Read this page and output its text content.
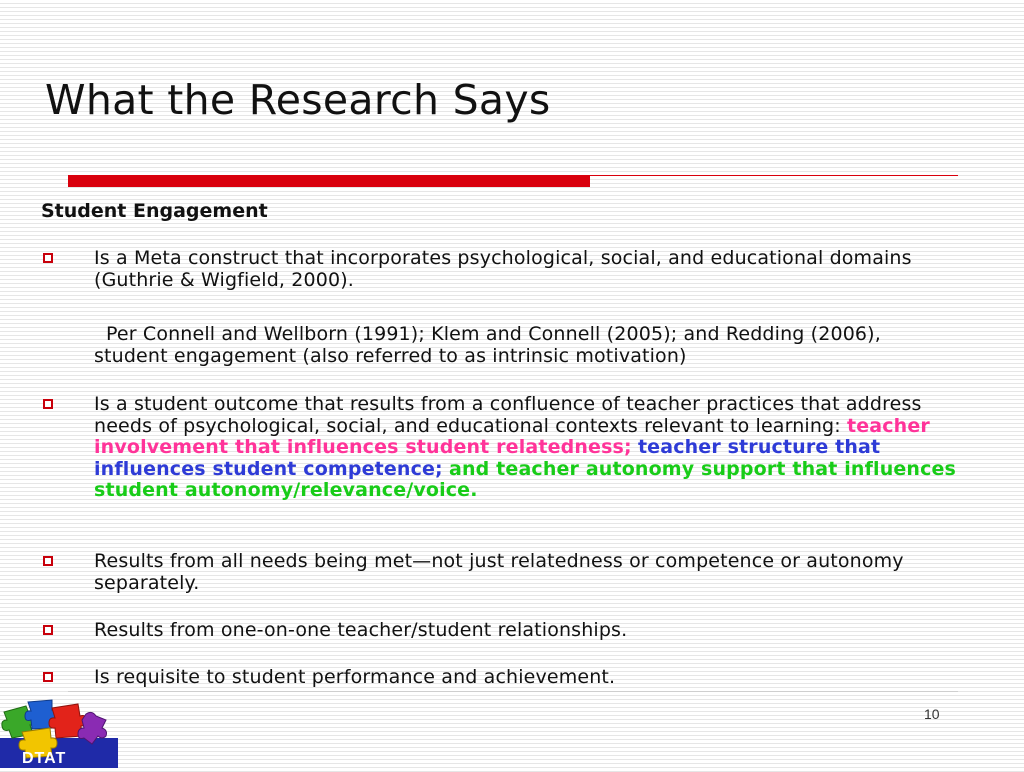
What the Research Says
Student Engagement

Is a Meta construct that incorporates psychological, social, and educational domains (Guthrie & Wigfield, 2000).

Per Connell and Wellborn (1991); Klem and Connell (2005); and Redding (2006), student engagement (also referred to as intrinsic motivation)

Is a student outcome that results from a confluence of teacher practices that address needs of psychological, social, and educational contexts relevant to learning: teacher involvement that influences student relatedness; teacher structure that influences student competence; and teacher autonomy support that influences student autonomy/relevance/voice.

Results from all needs being met—not just relatedness or competence or autonomy separately.

Results from one-on-one teacher/student relationships.

Is requisite to student performance and achievement.

10
DTAT
